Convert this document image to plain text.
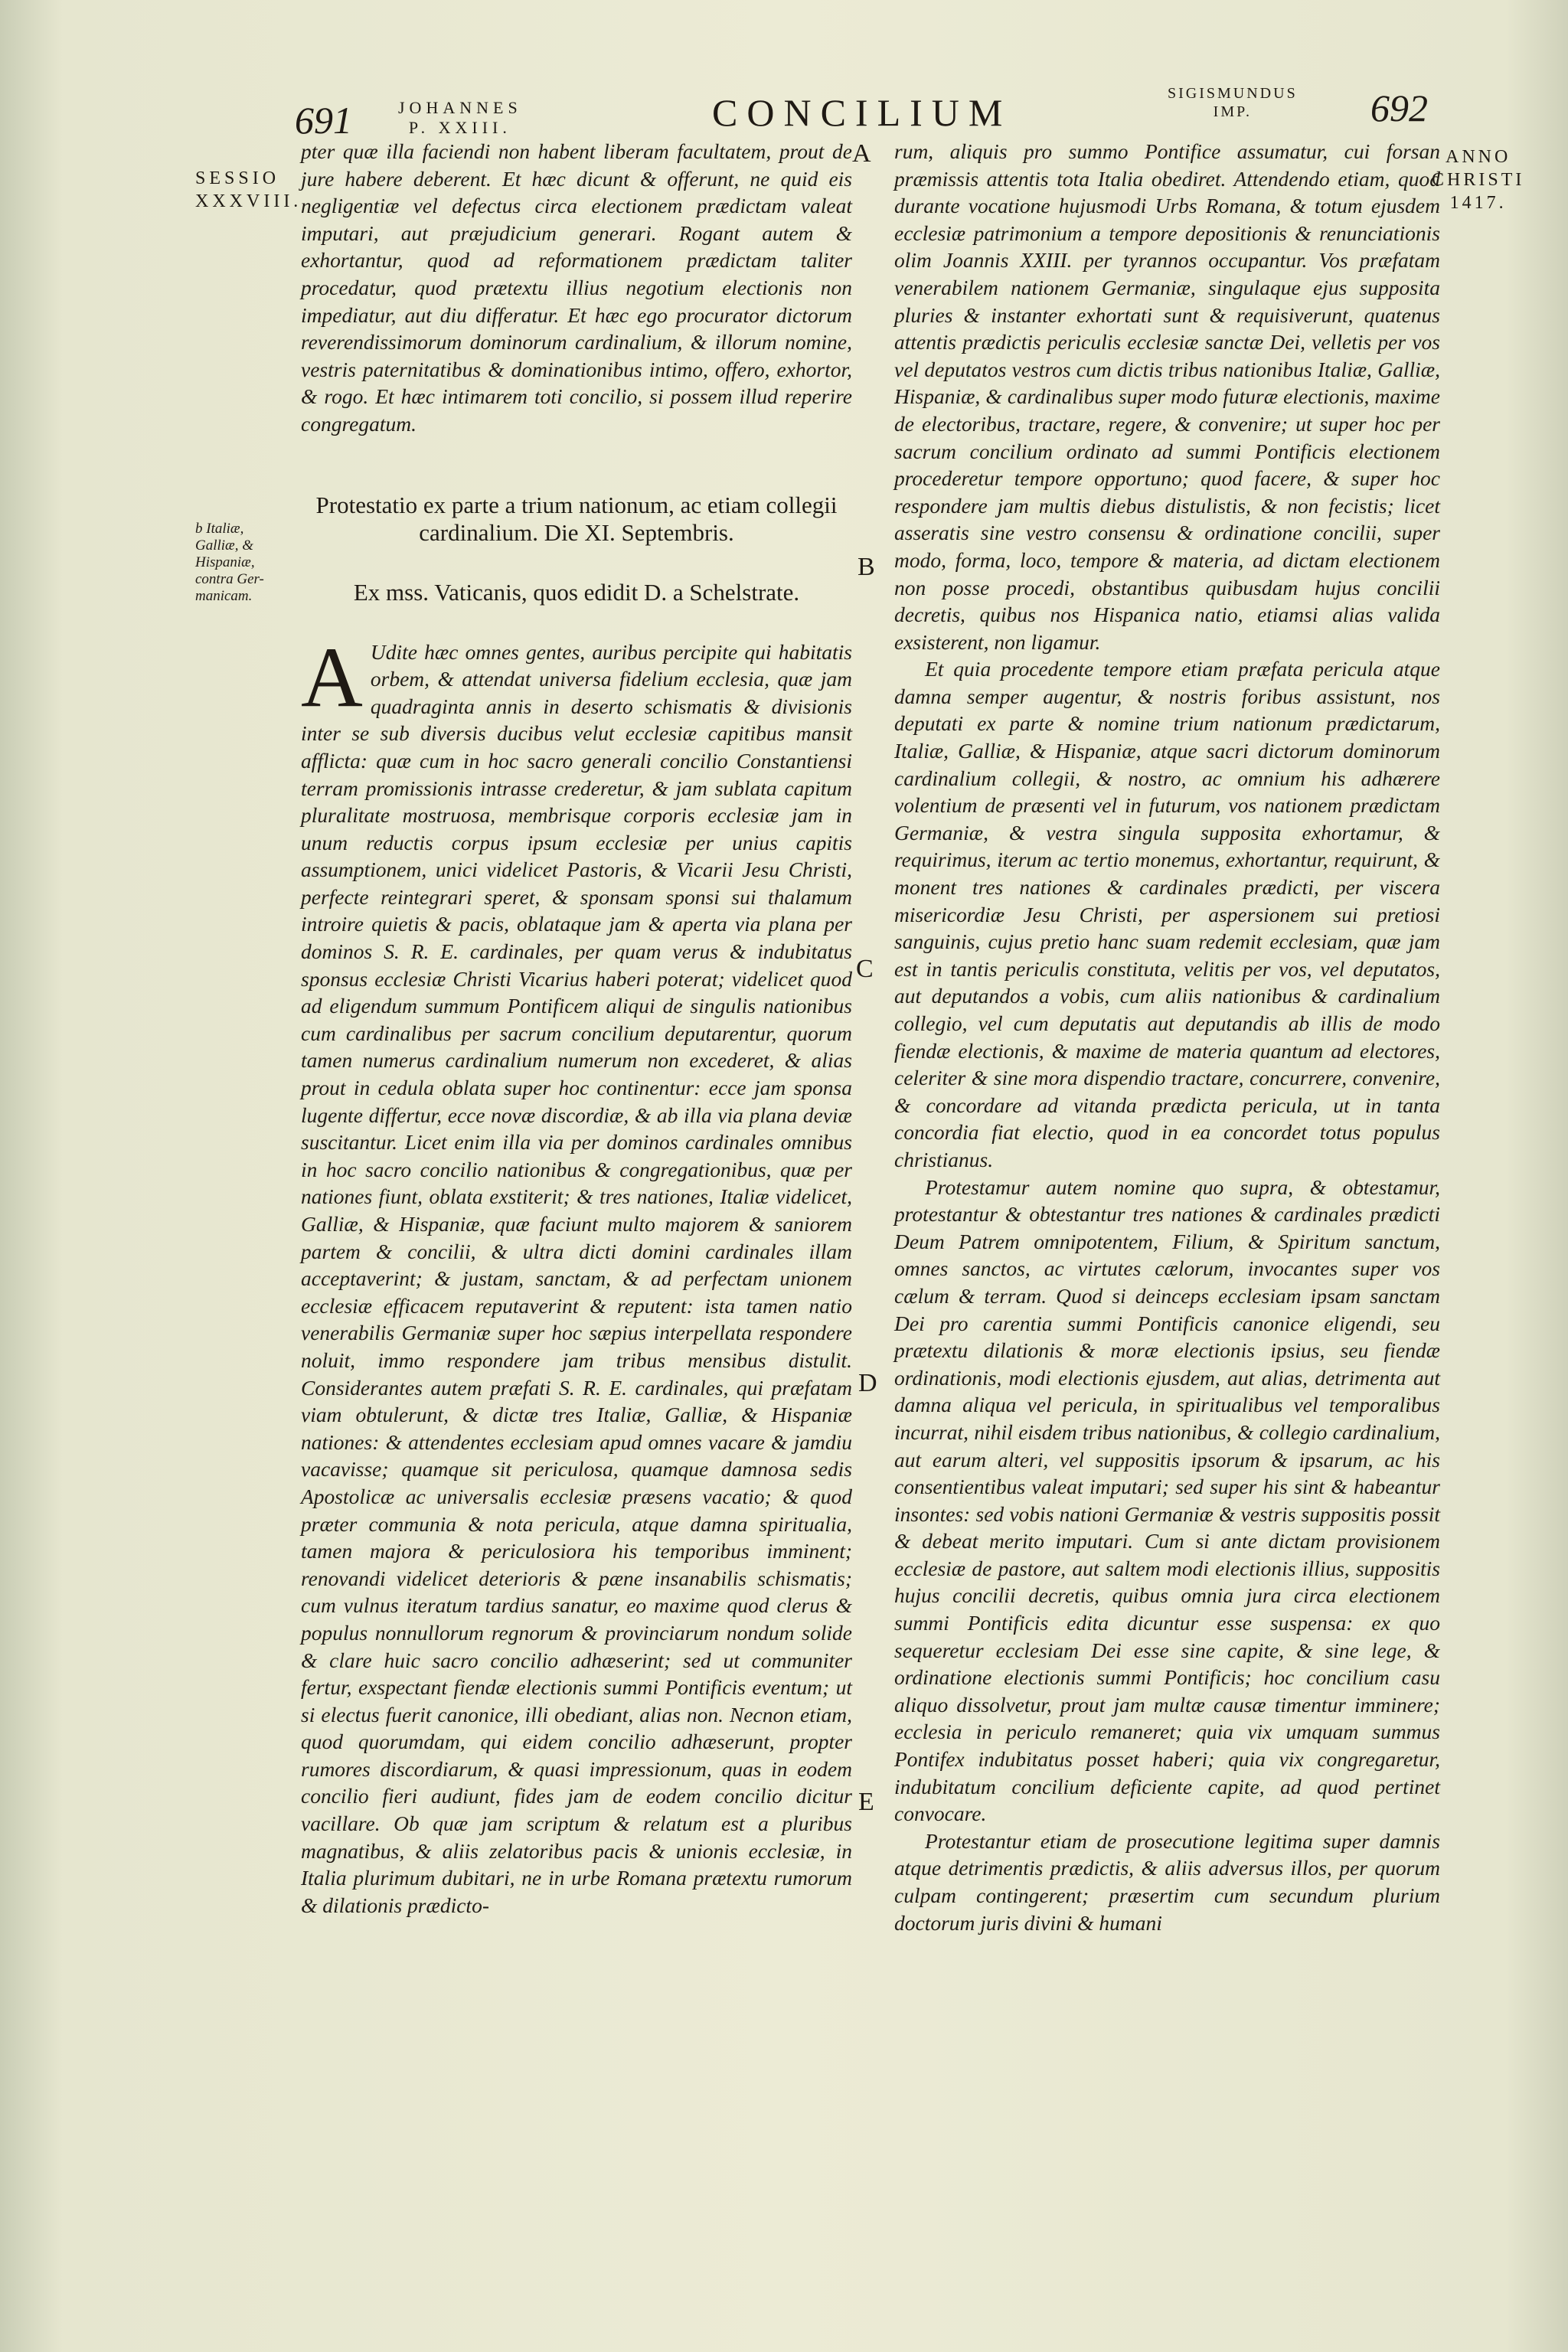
691	JOHANNES
P. XXIII.	CONCILIUM	SIGISMUNDUS
IMP.	692
SESSIO
XXXVIII.
ANNO
CHRISTI
1417.
b Italiæ,
Galliæ, &
Hispaniæ,
contra Ger-
manicam.
A
B
C
D
E

pter quæ illa faciendi non habent liberam facultatem, prout de jure habere deberent. Et hæc dicunt & offerunt, ne quid eis negligentiæ vel defectus circa electionem prædictam valeat imputari, aut præjudicium generari. Rogant autem & exhortantur, quod ad reformationem prædictam taliter procedatur, quod prætextu illius negotium electionis non impediatur, aut diu differatur. Et hæc ego procurator dictorum reverendissimorum dominorum cardinalium, & illorum nomine, vestris paternitatibus & dominationibus intimo, offero, exhortor, & rogo. Et hæc intimarem toti concilio, si possem illud reperire congregatum.

Protestatio ex parte a trium nationum, ac etiam collegii cardinalium. Die XI. Septembris.

Ex mss. Vaticanis, quos edidit D. a Schelstrate.

A Udite hæc omnes gentes, auribus percipite qui habitatis orbem, & attendat universa fidelium ecclesia, quæ jam quadraginta annis in deserto schismatis & divisionis inter se sub diversis ducibus velut ecclesiæ capitibus mansit afflicta: quæ cum in hoc sacro generali concilio Constantiensi terram promissionis intrasse crederetur, & jam sublata capitum pluralitate mostruosa, membrisque corporis ecclesiæ jam in unum reductis corpus ipsum ecclesiæ per unius capitis assumptionem, unici videlicet Pastoris, & Vicarii Jesu Christi, perfecte reintegrari speret, & sponsam sponsi sui thalamum introire quietis & pacis, oblataque jam & aperta via plana per dominos S. R. E. cardinales, per quam verus & indubitatus sponsus ecclesiæ Christi Vicarius haberi poterat; videlicet quod ad eligendum summum Pontificem aliqui de singulis nationibus cum cardinalibus per sacrum concilium deputarentur, quorum tamen numerus cardinalium numerum non excederet, & alias prout in cedula oblata super hoc continentur: ecce jam sponsa lugente differtur, ecce novæ discordiæ, & ab illa via plana deviæ suscitantur. Licet enim illa via per dominos cardinales omnibus in hoc sacro concilio nationibus & congregationibus, quæ per nationes fiunt, oblata exstiterit; & tres nationes, Italiæ videlicet, Galliæ, & Hispaniæ, quæ faciunt multo majorem & saniorem partem & concilii, & ultra dicti domini cardinales illam acceptaverint; & justam, sanctam, & ad perfectam unionem ecclesiæ efficacem reputaverint & reputent: ista tamen natio venerabilis Germaniæ super hoc sæpius interpellata respondere noluit, immo respondere jam tribus mensibus distulit. Considerantes autem præfati S. R. E. cardinales, qui præfatam viam obtulerunt, & dictæ tres Italiæ, Galliæ, & Hispaniæ nationes: & attendentes ecclesiam apud omnes vacare & jamdiu vacavisse; quamque sit periculosa, quamque damnosa sedis Apostolicæ ac universalis ecclesiæ præsens vacatio; & quod præter communia & nota pericula, atque damna spiritualia, tamen majora & periculosiora his temporibus imminent; renovandi videlicet deterioris & pæne insanabilis schismatis; cum vulnus iteratum tardius sanatur, eo maxime quod clerus & populus nonnullorum regnorum & provinciarum nondum solide & clare huic sacro concilio adhæserint; sed ut communiter fertur, exspectant fiendæ electionis summi Pontificis eventum; ut si electus fuerit canonice, illi obediant, alias non. Necnon etiam, quod quorumdam, qui eidem concilio adhæserunt, propter rumores discordiarum, & quasi impressionum, quas in eodem concilio fieri audiunt, fides jam de eodem concilio dicitur vacillare. Ob quæ jam scriptum & relatum est a pluribus magnatibus, & aliis zelatoribus pacis & unionis ecclesiæ, in Italia plurimum dubitari, ne in urbe Romana prætextu rumorum & dilationis prædicto-

rum, aliquis pro summo Pontifice assumatur, cui forsan præmissis attentis tota Italia obediret. Attendendo etiam, quod durante vocatione hujusmodi Urbs Romana, & totum ejusdem ecclesiæ patrimonium a tempore depositionis & renunciationis olim Joannis XXIII. per tyrannos occupantur. Vos præfatam venerabilem nationem Germaniæ, singulaque ejus supposita pluries & instanter exhortati sunt & requisiverunt, quatenus attentis prædictis periculis ecclesiæ sanctæ Dei, velletis per vos vel deputatos vestros cum dictis tribus nationibus Italiæ, Galliæ, Hispaniæ, & cardinalibus super modo futuræ electionis, maxime de electoribus, tractare, regere, & convenire; ut super hoc per sacrum concilium ordinato ad summi Pontificis electionem procederetur tempore opportuno; quod facere, & super hoc respondere jam multis diebus distulistis, & non fecistis; licet asseratis sine vestro consensu & ordinatione concilii, super modo, forma, loco, tempore & materia, ad dictam electionem non posse procedi, obstantibus quibusdam hujus concilii decretis, quibus nos Hispanica natio, etiamsi alias valida exsisterent, non ligamur.

Et quia procedente tempore etiam præfata pericula atque damna semper augentur, & nostris foribus assistunt, nos deputati ex parte & nomine trium nationum prædictarum, Italiæ, Galliæ, & Hispaniæ, atque sacri dictorum dominorum cardinalium collegii, & nostro, ac omnium his adhærere volentium de præsenti vel in futurum, vos nationem prædictam Germaniæ, & vestra singula supposita exhortamur, & requirimus, iterum ac tertio monemus, exhortantur, requirunt, & monent tres nationes & cardinales prædicti, per viscera misericordiæ Jesu Christi, per aspersionem sui pretiosi sanguinis, cujus pretio hanc suam redemit ecclesiam, quæ jam est in tantis periculis constituta, velitis per vos, vel deputatos, aut deputandos a vobis, cum aliis nationibus & cardinalium collegio, vel cum deputatis aut deputandis ab illis de modo fiendæ electionis, & maxime de materia quantum ad electores, celeriter & sine mora dispendio tractare, concurrere, convenire, & concordare ad vitanda prædicta pericula, ut in tanta concordia fiat electio, quod in ea concordet totus populus christianus.

Protestamur autem nomine quo supra, & obtestamur, protestantur & obtestantur tres nationes & cardinales prædicti Deum Patrem omnipotentem, Filium, & Spiritum sanctum, omnes sanctos, ac virtutes cælorum, invocantes super vos cælum & terram. Quod si deinceps ecclesiam ipsam sanctam Dei pro carentia summi Pontificis canonice eligendi, seu prætextu dilationis & moræ electionis ipsius, seu fiendæ ordinationis, modi electionis ejusdem, aut alias, detrimenta aut damna aliqua vel pericula, in spiritualibus vel temporalibus incurrat, nihil eisdem tribus nationibus, & collegio cardinalium, aut earum alteri, vel suppositis ipsorum & ipsarum, ac his consentientibus valeat imputari; sed super his sint & habeantur insontes: sed vobis nationi Germaniæ & vestris suppositis possit & debeat merito imputari. Cum si ante dictam provisionem ecclesiæ de pastore, aut saltem modi electionis illius, suppositis hujus concilii decretis, quibus omnia jura circa electionem summi Pontificis edita dicuntur esse suspensa: ex quo sequeretur ecclesiam Dei esse sine capite, & sine lege, & ordinatione electionis summi Pontificis; hoc concilium casu aliquo dissolvetur, prout jam multæ causæ timentur imminere; ecclesia in periculo remaneret; quia vix umquam summus Pontifex indubitatus posset haberi; quia vix congregaretur, indubitatum concilium deficiente capite, ad quod pertinet convocare.

Protestantur etiam de prosecutione legitima super damnis atque detrimentis prædictis, & aliis adversus illos, per quorum culpam contingerent; præsertim cum secundum plurium doctorum juris divini & humani
